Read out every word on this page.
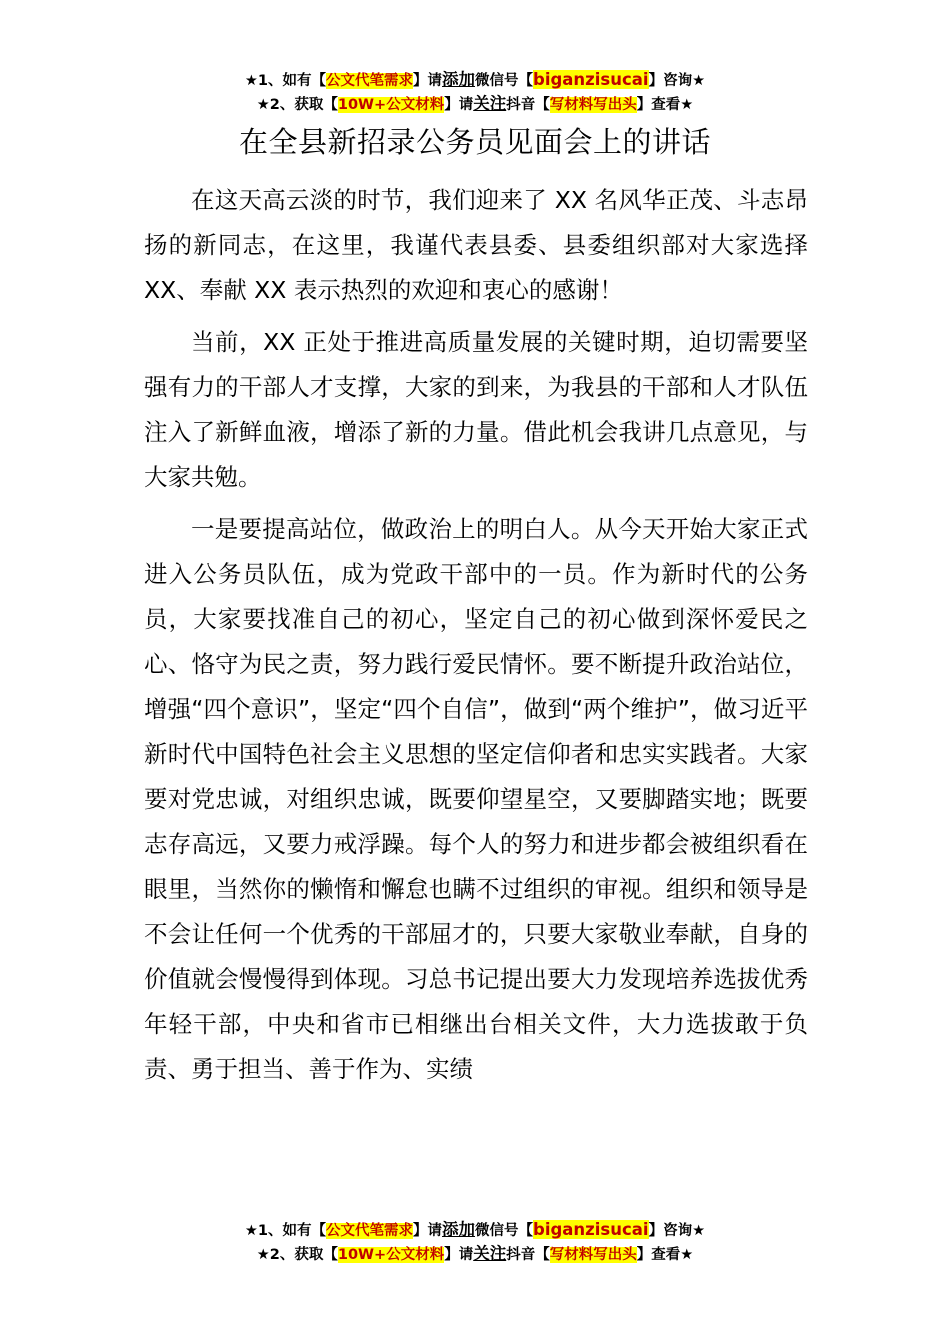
★1、如有【公文代笔需求】请添加微信号【biganzisucai】咨询★
★2、获取【10W+公文材料】请关注抖音【写材料写出头】查看★
在全县新招录公务员见面会上的讲话

在这天高云淡的时节，我们迎来了 XX 名风华正茂、斗志昂扬的新同志，在这里，我谨代表县委、县委组织部对大家选择 XX、奉献 XX 表示热烈的欢迎和衷心的感谢！

当前，XX 正处于推进高质量发展的关键时期，迫切需要坚强有力的干部人才支撑，大家的到来，为我县的干部和人才队伍注入了新鲜血液，增添了新的力量。借此机会我讲几点意见，与大家共勉。

一是要提高站位，做政治上的明白人。从今天开始大家正式进入公务员队伍，成为党政干部中的一员。作为新时代的公务员，大家要找准自己的初心，坚定自己的初心做到深怀爱民之心、恪守为民之责，努力践行爱民情怀。要不断提升政治站位，增强“四个意识”，坚定“四个自信”，做到“两个维护”，做习近平新时代中国特色社会主义思想的坚定信仰者和忠实实践者。大家要对党忠诚，对组织忠诚，既要仰望星空，又要脚踏实地；既要志存高远，又要力戒浮躁。每个人的努力和进步都会被组织看在眼里，当然你的懒惰和懈怠也瞒不过组织的审视。组织和领导是不会让任何一个优秀的干部屈才的，只要大家敬业奉献，自身的价值就会慢慢得到体现。习总书记提出要大力发现培养选拔优秀年轻干部，中央和省市已相继出台相关文件，大力选拔敢于负责、勇于担当、善于作为、实绩

★1、如有【公文代笔需求】请添加微信号【biganzisucai】咨询★
★2、获取【10W+公文材料】请关注抖音【写材料写出头】查看★
